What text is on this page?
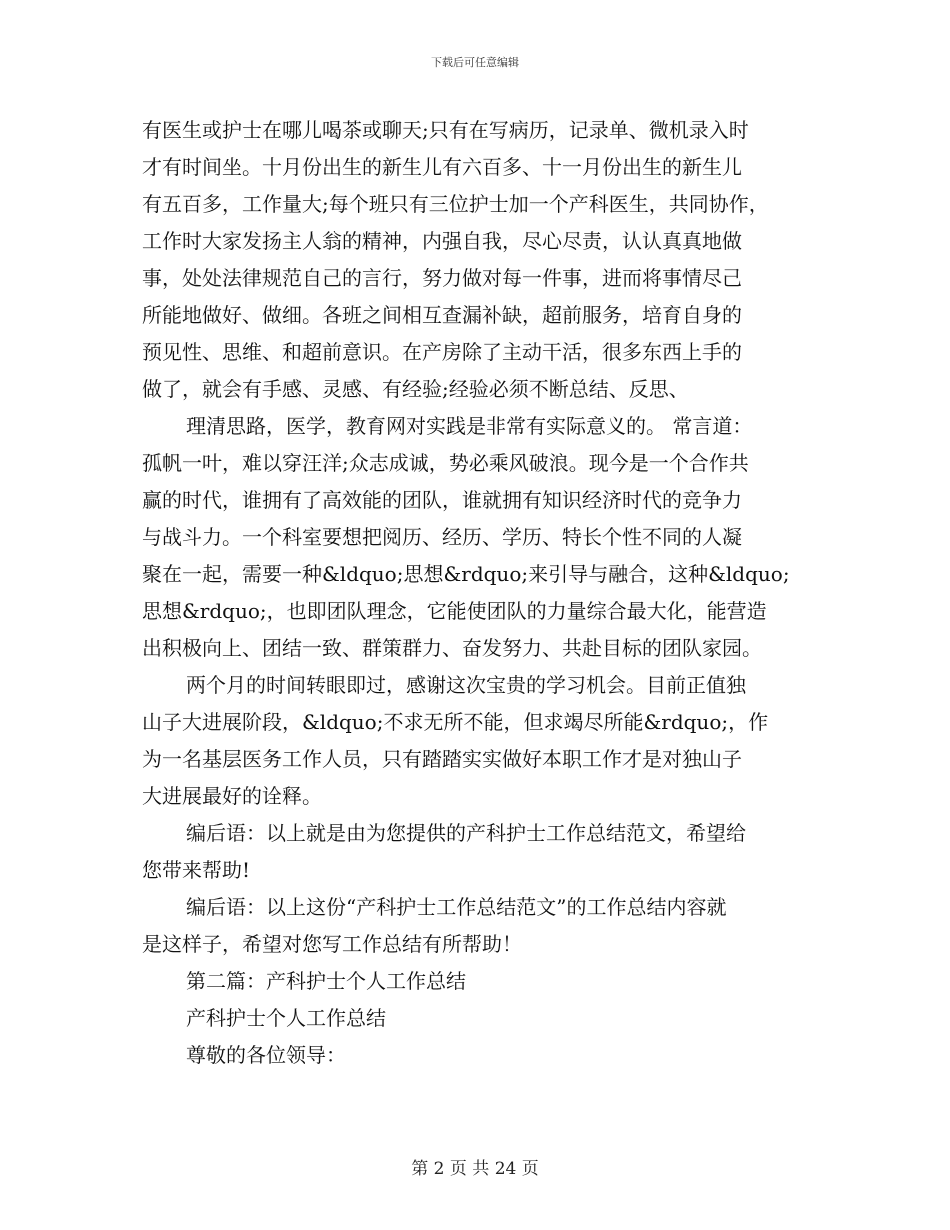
下载后可任意编辑
有医生或护士在哪儿喝茶或聊天;只有在写病历，记录单、微机录入时
才有时间坐。十月份出生的新生儿有六百多、十一月份出生的新生儿
有五百多，工作量大;每个班只有三位护士加一个产科医生，共同协作，
工作时大家发扬主人翁的精神，内强自我，尽心尽责，认认真真地做
事，处处法律规范自己的言行，努力做对每一件事，进而将事情尽己
所能地做好、做细。各班之间相互查漏补缺，超前服务，培育自身的
预见性、思维、和超前意识。在产房除了主动干活，很多东西上手的
做了，就会有手感、灵感、有经验;经验必须不断总结、反思、
理清思路，医学，教育网对实践是非常有实际意义的。 常言道：
孤帆一叶，难以穿汪洋;众志成诚，势必乘风破浪。现今是一个合作共
赢的时代，谁拥有了高效能的团队，谁就拥有知识经济时代的竞争力
与战斗力。一个科室要想把阅历、经历、学历、特长个性不同的人凝
聚在一起，需要一种&ldquo;思想&rdquo;来引导与融合，这种&ldquo;
思想&rdquo;，也即团队理念，它能使团队的力量综合最大化，能营造
出积极向上、团结一致、群策群力、奋发努力、共赴目标的团队家园。
两个月的时间转眼即过，感谢这次宝贵的学习机会。目前正值独
山子大进展阶段，&ldquo;不求无所不能，但求竭尽所能&rdquo;，作
为一名基层医务工作人员，只有踏踏实实做好本职工作才是对独山子
大进展最好的诠释。
编后语：以上就是由为您提供的产科护士工作总结范文，希望给
您带来帮助!
编后语：以上这份“产科护士工作总结范文”的工作总结内容就
是这样子，希望对您写工作总结有所帮助！
第二篇：产科护士个人工作总结
产科护士个人工作总结
尊敬的各位领导：
第 2 页 共 24 页
